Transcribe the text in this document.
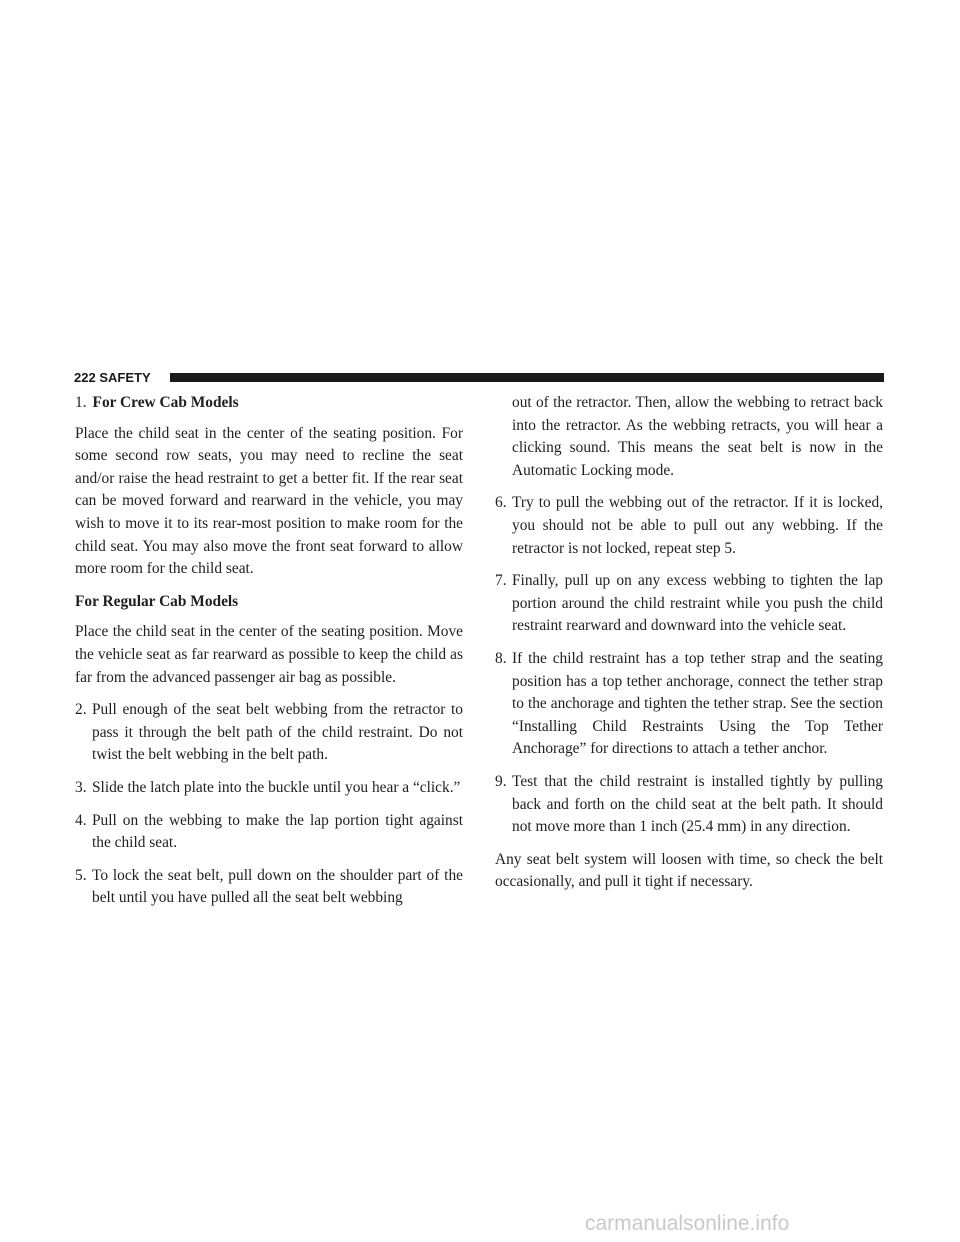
222 SAFETY
1. For Crew Cab Models

Place the child seat in the center of the seating position. For some second row seats, you may need to recline the seat and/or raise the head restraint to get a better fit. If the rear seat can be moved forward and rearward in the vehicle, you may wish to move it to its rear-most position to make room for the child seat. You may also move the front seat forward to allow more room for the child seat.

For Regular Cab Models

Place the child seat in the center of the seating position. Move the vehicle seat as far rearward as possible to keep the child as far from the advanced passenger air bag as possible.

2. Pull enough of the seat belt webbing from the retractor to pass it through the belt path of the child restraint. Do not twist the belt webbing in the belt path.
3. Slide the latch plate into the buckle until you hear a “click.”
4. Pull on the webbing to make the lap portion tight against the child seat.
5. To lock the seat belt, pull down on the shoulder part of the belt until you have pulled all the seat belt webbing

out of the retractor. Then, allow the webbing to retract back into the retractor. As the webbing retracts, you will hear a clicking sound. This means the seat belt is now in the Automatic Locking mode.

6. Try to pull the webbing out of the retractor. If it is locked, you should not be able to pull out any webbing. If the retractor is not locked, repeat step 5.
7. Finally, pull up on any excess webbing to tighten the lap portion around the child restraint while you push the child restraint rearward and downward into the vehicle seat.
8. If the child restraint has a top tether strap and the seating position has a top tether anchorage, connect the tether strap to the anchorage and tighten the tether strap. See the section “Installing Child Restraints Using the Top Tether Anchorage” for directions to attach a tether anchor.
9. Test that the child restraint is installed tightly by pulling back and forth on the child seat at the belt path. It should not move more than 1 inch (25.4 mm) in any direction.

Any seat belt system will loosen with time, so check the belt occasionally, and pull it tight if necessary.

carmanualsonline.info
